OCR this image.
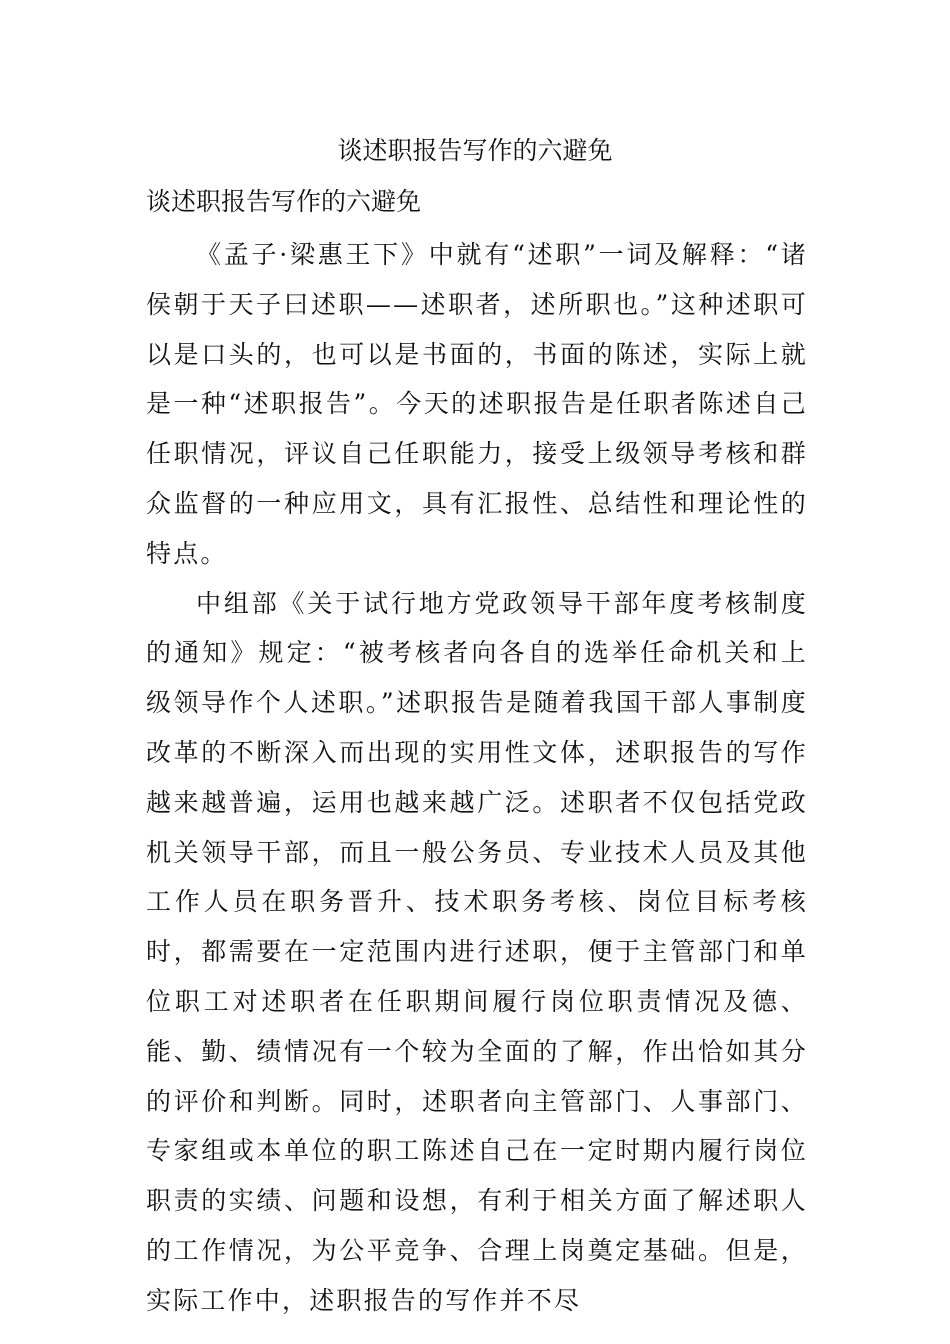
谈述职报告写作的六避免

谈述职报告写作的六避免

《孟子·梁惠王下》中就有“述职”一词及解释：“诸侯朝于天子曰述职——述职者，述所职也。”这种述职可以是口头的，也可以是书面的，书面的陈述，实际上就是一种“述职报告”。今天的述职报告是任职者陈述自己任职情况，评议自己任职能力，接受上级领导考核和群众监督的一种应用文，具有汇报性、总结性和理论性的特点。

中组部《关于试行地方党政领导干部年度考核制度的通知》规定：“被考核者向各自的选举任命机关和上级领导作个人述职。”述职报告是随着我国干部人事制度改革的不断深入而出现的实用性文体，述职报告的写作越来越普遍，运用也越来越广泛。述职者不仅包括党政机关领导干部，而且一般公务员、专业技术人员及其他工作人员在职务晋升、技术职务考核、岗位目标考核时，都需要在一定范围内进行述职，便于主管部门和单位职工对述职者在任职期间履行岗位职责情况及德、能、勤、绩情况有一个较为全面的了解，作出恰如其分的评价和判断。同时，述职者向主管部门、人事部门、专家组或本单位的职工陈述自己在一定时期内履行岗位职责的实绩、问题和设想，有利于相关方面了解述职人的工作情况，为公平竞争、合理上岗奠定基础。但是，实际工作中，述职报告的写作并不尽
